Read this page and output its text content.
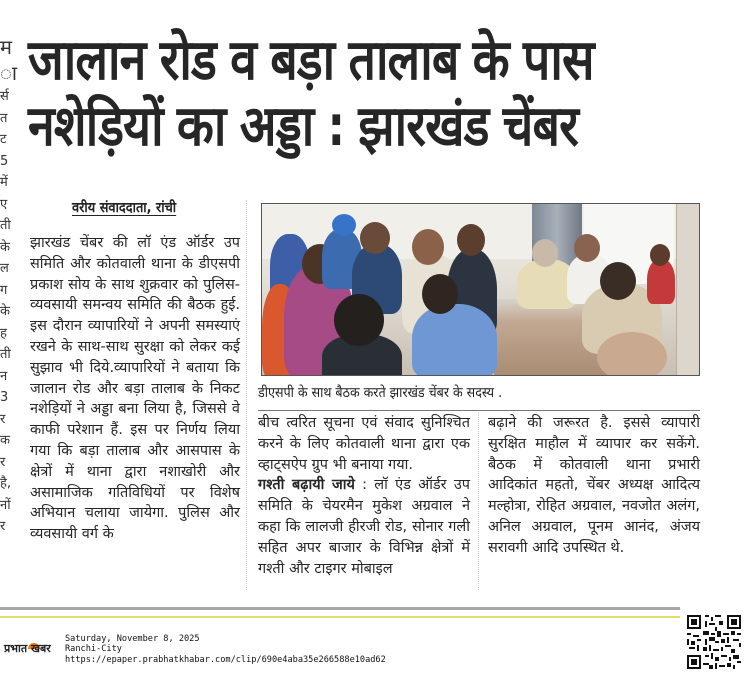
म
ा
र्स
त
ट
5
में
ए
ती
के
ल
ग
के
ह
ती
न
3
र
क
र
है,
नों
र
जालान रोड व बड़ा तालाब के पास
नशेड़ियों का अड्डा : झारखंड चेंबर
वरीय संवाददाता, रांची

झारखंड चेंबर की लॉ एंड ऑर्डर उप समिति और कोतवाली थाना के डीएसपी प्रकाश सोय के साथ शुक्रवार को पुलिस-व्यवसायी समन्वय समिति की बैठक हुई. इस दौरान व्यापारियों ने अपनी समस्याएं रखने के साथ-साथ सुरक्षा को लेकर कई सुझाव भी दिये.व्यापारियों ने बताया कि जालान रोड और बड़ा तालाब के निकट नशेड़ियों ने अड्डा बना लिया है, जिससे वे काफी परेशान हैं. इस पर निर्णय लिया गया कि बड़ा तालाब और आसपास के क्षेत्रों में थाना द्वारा नशाखोरी और असामाजिक गतिविधियों पर विशेष अभियान चलाया जायेगा. पुलिस और व्यवसायी वर्ग के

डीएसपी के साथ बैठक करते झारखंड चेंबर के सदस्य .

बीच त्वरित सूचना एवं संवाद सुनिश्चित करने के लिए कोतवाली थाना द्वारा एक व्हाट्सऐप ग्रुप भी बनाया गया.

गश्ती बढ़ायी जाये : लॉ एंड ऑर्डर उप समिति के चेयरमैन मुकेश अग्रवाल ने कहा कि लालजी हीरजी रोड, सोनार गली सहित अपर बाजार के विभिन्न क्षेत्रों में गश्ती और टाइगर मोबाइल

बढ़ाने की जरूरत है. इससे व्यापारी सुरक्षित माहौल में व्यापार कर सकेंगे. बैठक में कोतवाली थाना प्रभारी आदिकांत महतो, चेंबर अध्यक्ष आदित्य मल्होत्रा, रोहित अग्रवाल, नवजोत अलंग, अनिल अग्रवाल, पूनम आनंद, अंजय सरावगी आदि उपस्थित थे.

प्रभात खबर
Saturday, November 8, 2025
Ranchi-City
https://epaper.prabhatkhabar.com/clip/690e4aba35e266588e10ad62
